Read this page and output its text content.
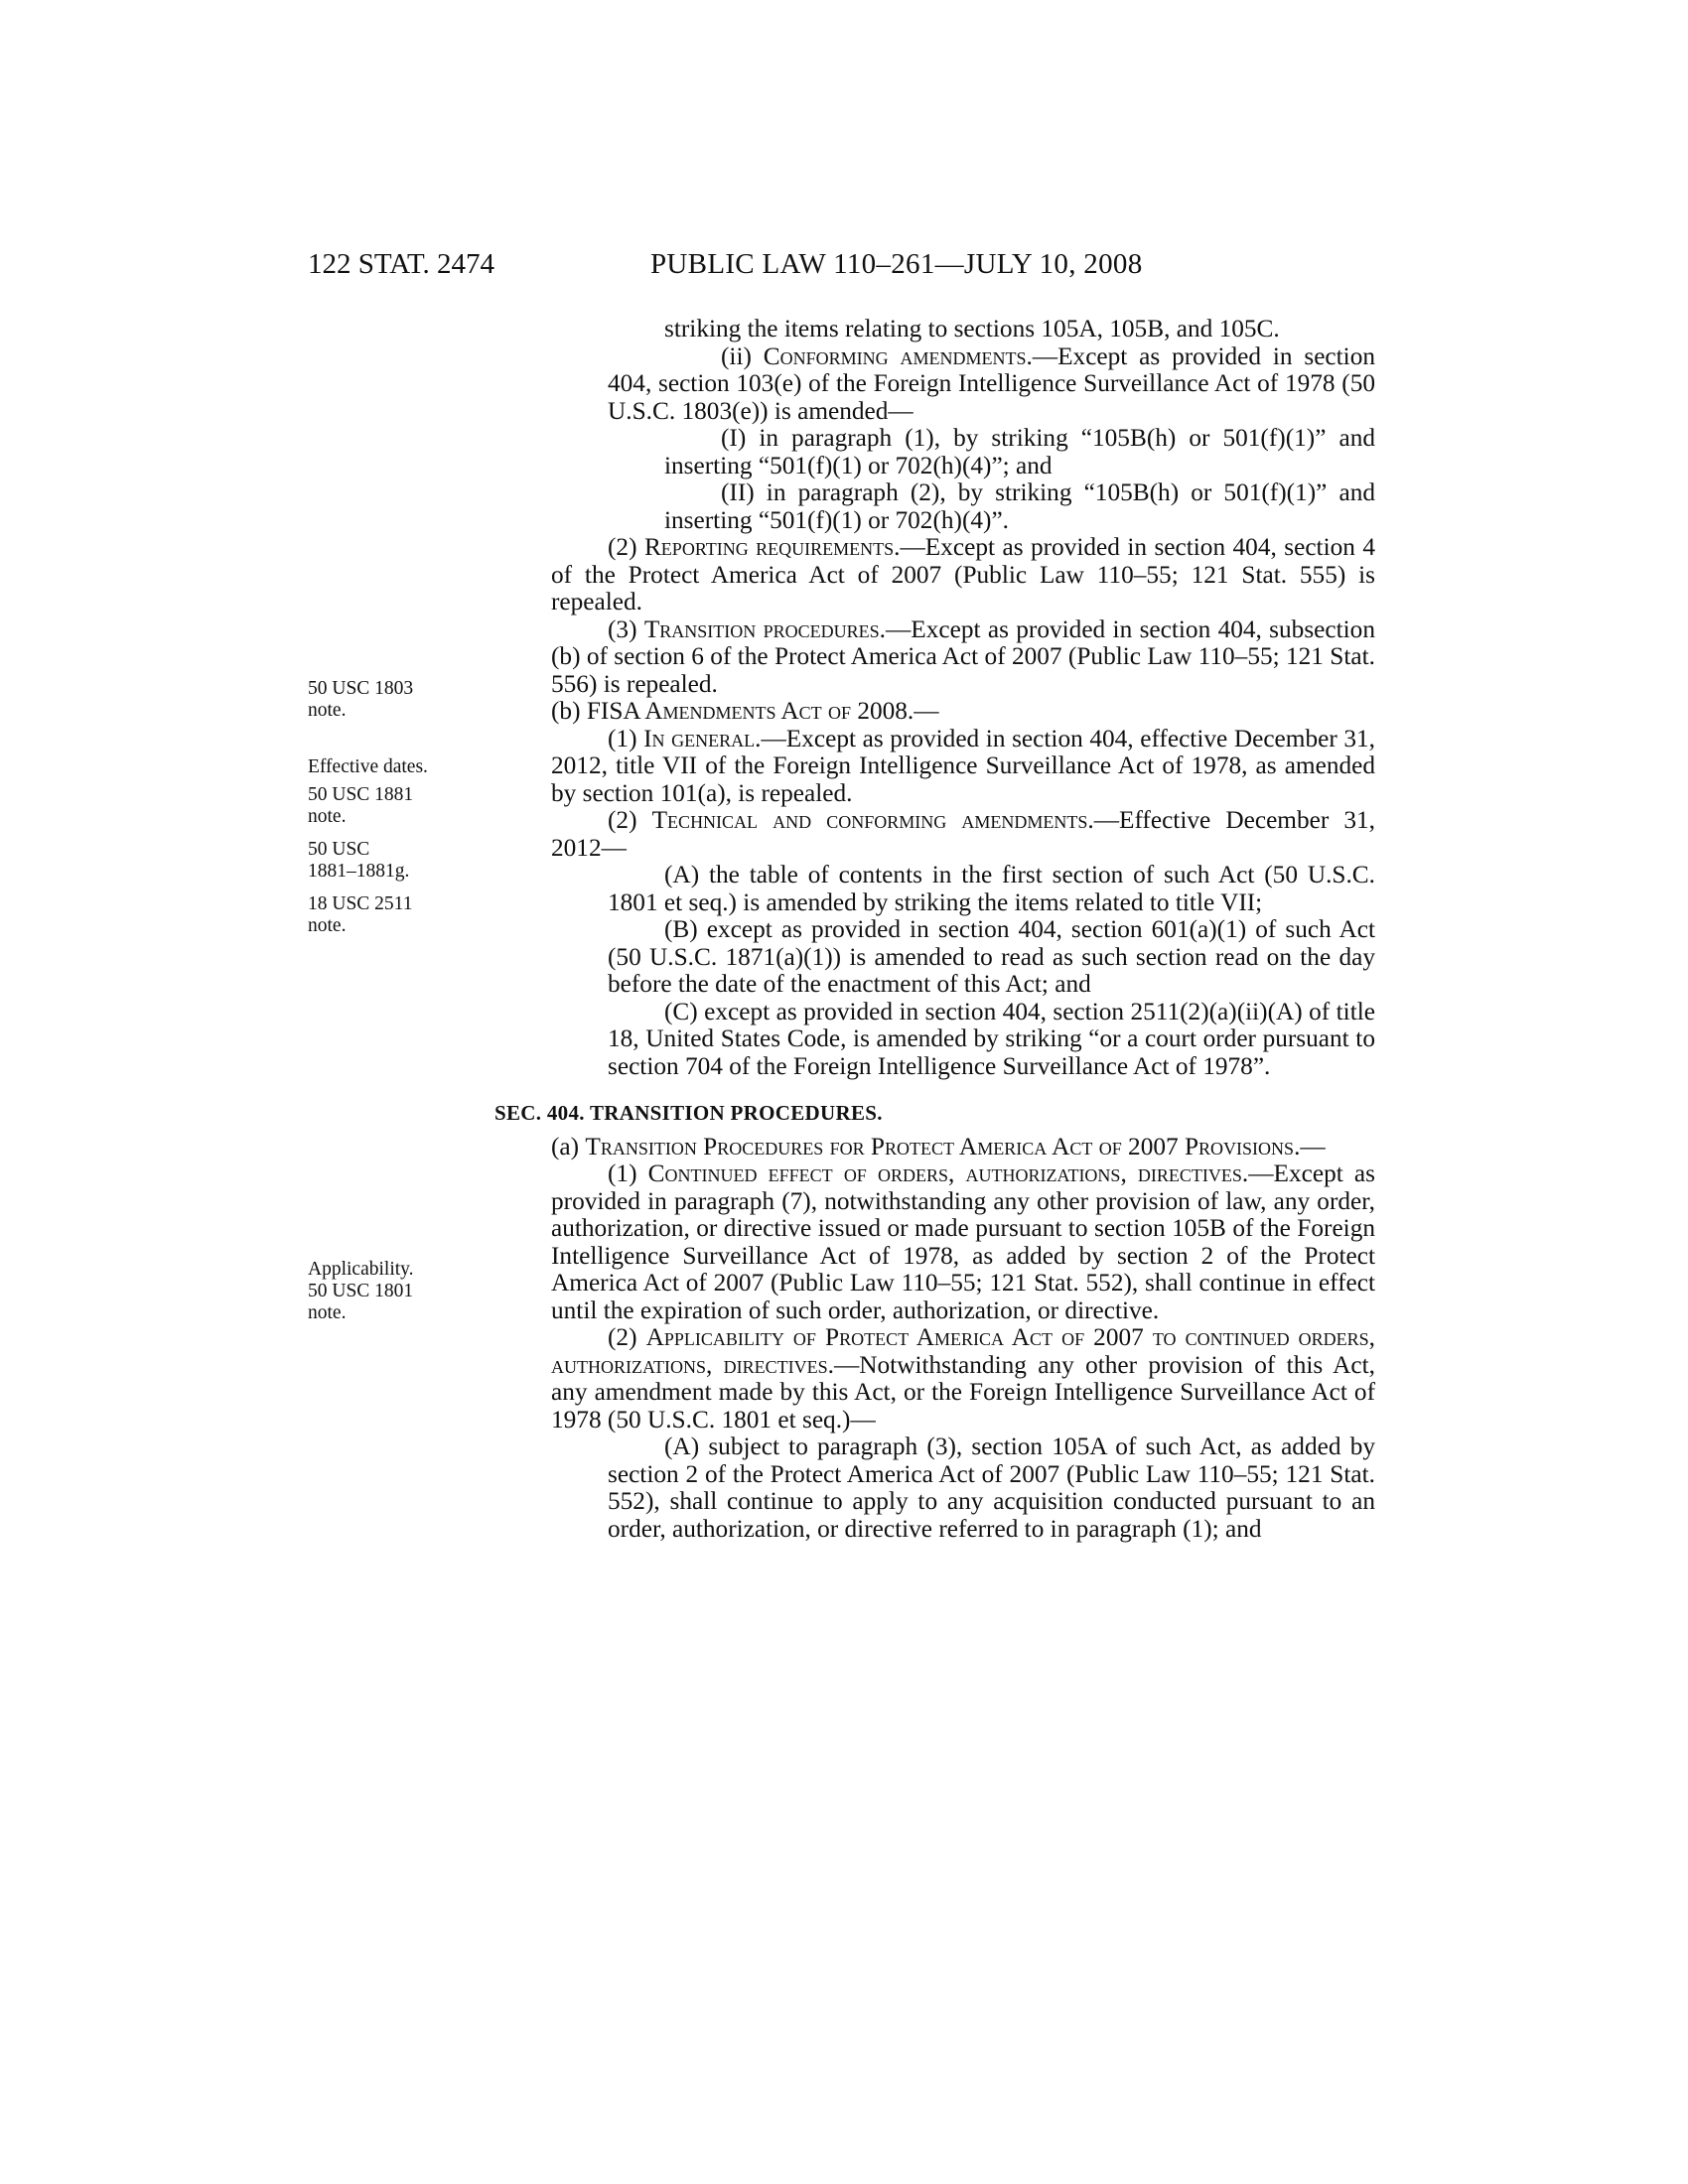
122 STAT. 2474	PUBLIC LAW 110–261—JULY 10, 2008
50 USC 1803
note.
Effective dates.
50 USC 1881
note.
50 USC
1881–1881g.
18 USC 2511
note.
Applicability.
50 USC 1801
note.

striking the items relating to sections 105A, 105B, and 105C.

(ii) Conforming amendments.—Except as provided in section 404, section 103(e) of the Foreign Intelligence Surveillance Act of 1978 (50 U.S.C. 1803(e)) is amended—

(I) in paragraph (1), by striking “105B(h) or 501(f)(1)” and inserting “501(f)(1) or 702(h)(4)”; and

(II) in paragraph (2), by striking “105B(h) or 501(f)(1)” and inserting “501(f)(1) or 702(h)(4)”.

(2) Reporting requirements.—Except as provided in section 404, section 4 of the Protect America Act of 2007 (Public Law 110–55; 121 Stat. 555) is repealed.

(3) Transition procedures.—Except as provided in section 404, subsection (b) of section 6 of the Protect America Act of 2007 (Public Law 110–55; 121 Stat. 556) is repealed.

(b) FISA Amendments Act of 2008.—

(1) In general.—Except as provided in section 404, effective December 31, 2012, title VII of the Foreign Intelligence Surveillance Act of 1978, as amended by section 101(a), is repealed.

(2) Technical and conforming amendments.—Effective December 31, 2012—

(A) the table of contents in the first section of such Act (50 U.S.C. 1801 et seq.) is amended by striking the items related to title VII;

(B) except as provided in section 404, section 601(a)(1) of such Act (50 U.S.C. 1871(a)(1)) is amended to read as such section read on the day before the date of the enactment of this Act; and

(C) except as provided in section 404, section 2511(2)(a)(ii)(A) of title 18, United States Code, is amended by striking “or a court order pursuant to section 704 of the Foreign Intelligence Surveillance Act of 1978”.

SEC. 404. TRANSITION PROCEDURES.

(a) Transition Procedures for Protect America Act of 2007 Provisions.—

(1) Continued effect of orders, authorizations, directives.—Except as provided in paragraph (7), notwithstanding any other provision of law, any order, authorization, or directive issued or made pursuant to section 105B of the Foreign Intelligence Surveillance Act of 1978, as added by section 2 of the Protect America Act of 2007 (Public Law 110–55; 121 Stat. 552), shall continue in effect until the expiration of such order, authorization, or directive.

(2) Applicability of Protect America Act of 2007 to continued orders, authorizations, directives.—Notwithstanding any other provision of this Act, any amendment made by this Act, or the Foreign Intelligence Surveillance Act of 1978 (50 U.S.C. 1801 et seq.)—

(A) subject to paragraph (3), section 105A of such Act, as added by section 2 of the Protect America Act of 2007 (Public Law 110–55; 121 Stat. 552), shall continue to apply to any acquisition conducted pursuant to an order, authorization, or directive referred to in paragraph (1); and
